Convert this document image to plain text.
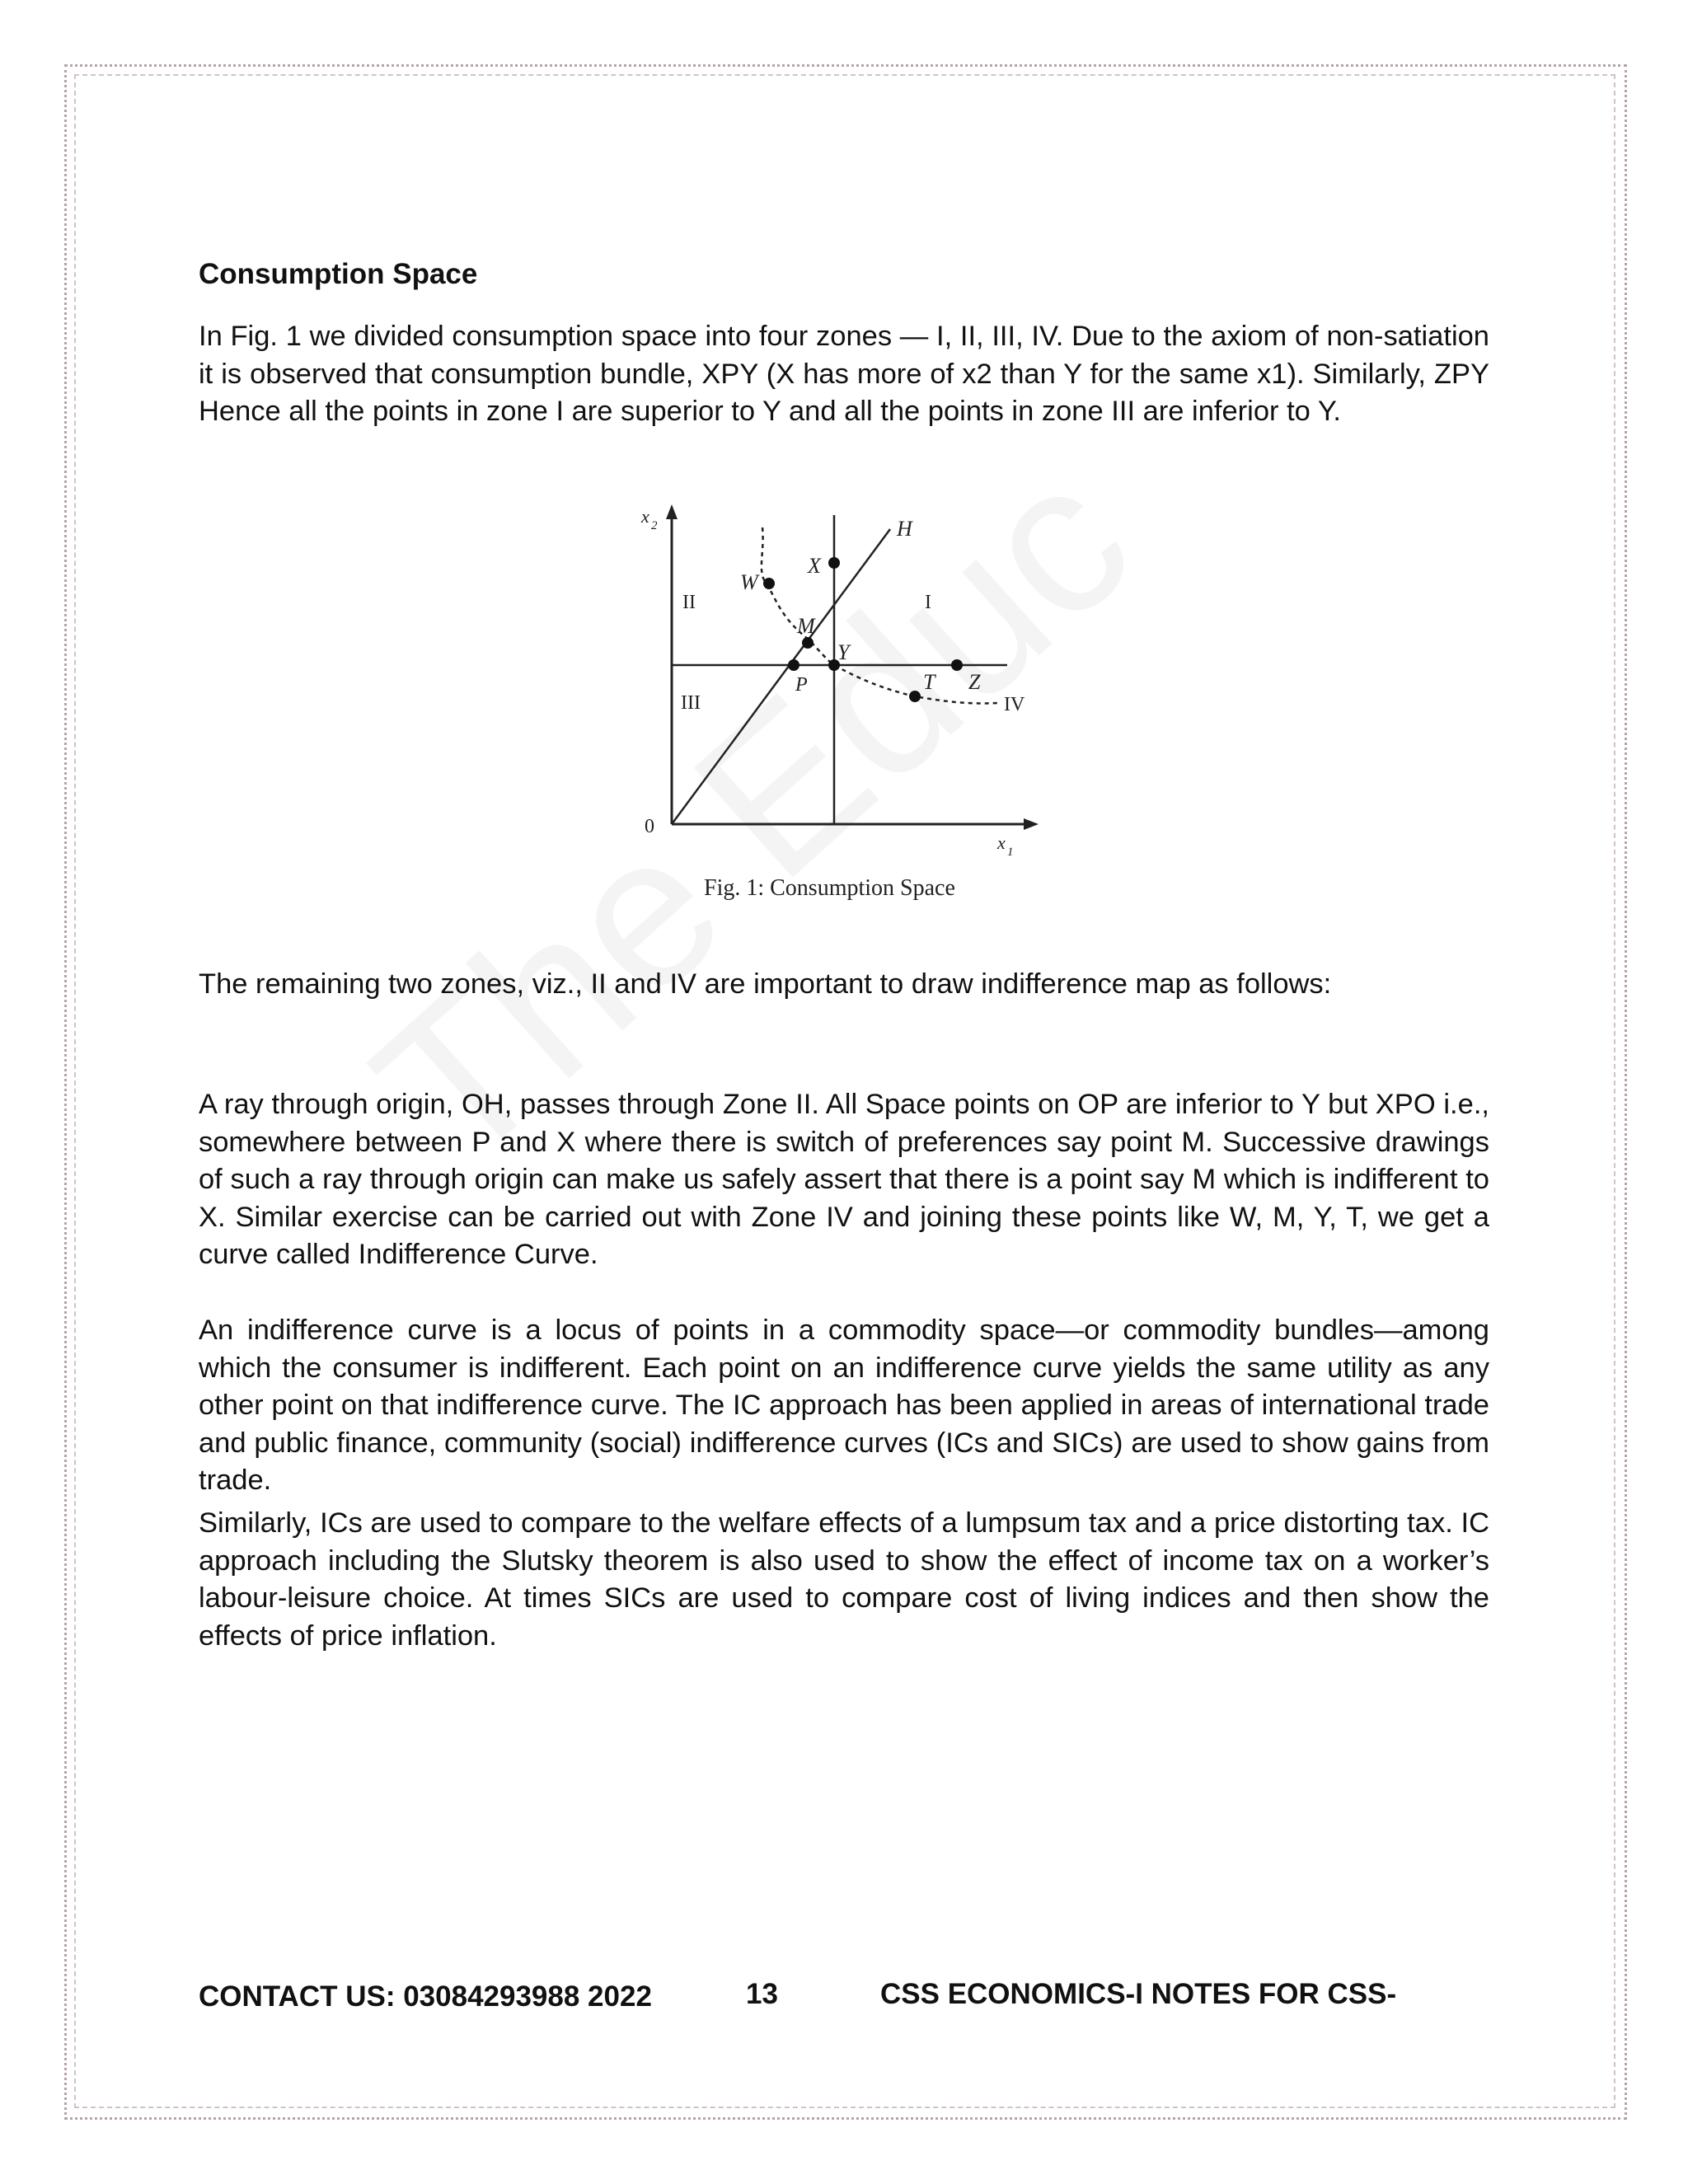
Consumption Space

In Fig. 1 we divided consumption space into four zones — I, II, III, IV. Due to the axiom of non-satiation it is observed that consumption bundle, XPY (X has more of x2 than Y for the same x1). Similarly, ZPY Hence all the points in zone I are superior to Y and all the points in zone III are inferior to Y.

x 2
x 1
0
H
X
W
M
Y
P	T Z
I
II
III	IV
Fig. 1: Consumption Space

The remaining two zones, viz., II and IV are important to draw indifference map as follows:

A ray through origin, OH, passes through Zone II. All Space points on OP are inferior to Y but XPO i.e., somewhere between P and X where there is switch of preferences say point M. Successive drawings of such a ray through origin can make us safely assert that there is a point say M which is indifferent to X. Similar exercise can be carried out with Zone IV and joining these points like W, M, Y, T, we get a curve called Indifference Curve.

An indifference curve is a locus of points in a commodity space—or commodity bundles—among which the consumer is indifferent. Each point on an indifference curve yields the same utility as any other point on that indifference curve. The IC approach has been applied in areas of international trade and public finance, community (social) indifference curves (ICs and SICs) are used to show gains from trade.

Similarly, ICs are used to compare to the welfare effects of a lumpsum tax and a price distorting tax. IC approach including the Slutsky theorem is also used to show the effect of income tax on a worker’s labour-leisure choice. At times SICs are used to compare cost of living indices and then show the effects of price inflation.

CONTACT US: 03084293988 2022	13	CSS ECONOMICS-I NOTES FOR CSS-
